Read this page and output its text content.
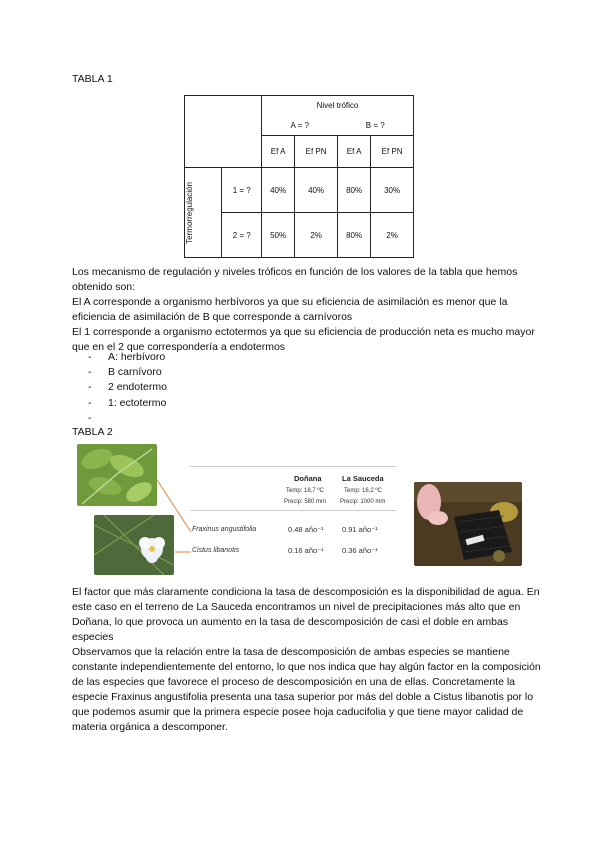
TABLA 1
		Nivel trófico			
		A = ?		B = ?	
		Ef A	Ef PN	Ef A	Ef PN

Termorregulación	1 = ?	40%	40%	80%	30%
	2 = ?	50%	2%	80%	2%

Los mecanismo de regulación y niveles tróficos en función de los valores de la tabla que hemos obtenido son:

El A corresponde a organismo herbívoros ya que su eficiencia de asimilación es menor que la eficiencia de asimilación de B que corresponde a carnívoros

El 1 corresponde a organismo ectotermos ya que su eficiencia de producción neta es mucho mayor que en el 2 que correspondería a endotermos

-	A: herbívoro
-	B carnívoro
-	2 endotermo
-	1: ectotermo
-
TABLA 2
Doñana	La Sauceda
Temp: 18,7 ºC	Temp: 16,2 ºC
Precip: 580 mm Precip: 1000 mm
Fraxinus angustifolia	0.48 año⁻¹ 0.91 año⁻¹
Cistus libanotis	0.16 año⁻¹ 0.36 año⁻¹

El factor que más claramente condiciona la tasa de descomposición es la disponibilidad de agua. En este caso en el terreno de La Sauceda encontramos un nivel de precipitaciones más alto que en Doñana, lo que provoca un aumento en la tasa de descomposición de casi el doble en ambas especies

Observamos que la relación entre la tasa de descomposición de ambas especies se mantiene constante independientemente del entorno, lo que nos indica que hay algún factor en la composición de las especies que favorece el proceso de descomposición en una de ellas. Concretamente la especie Fraxinus angustifolia presenta una tasa superior por más del doble a Cistus libanotis por lo que podemos asumir que la primera especie posee hoja caducifolia y que tiene mayor calidad de materia orgánica a descomponer.
